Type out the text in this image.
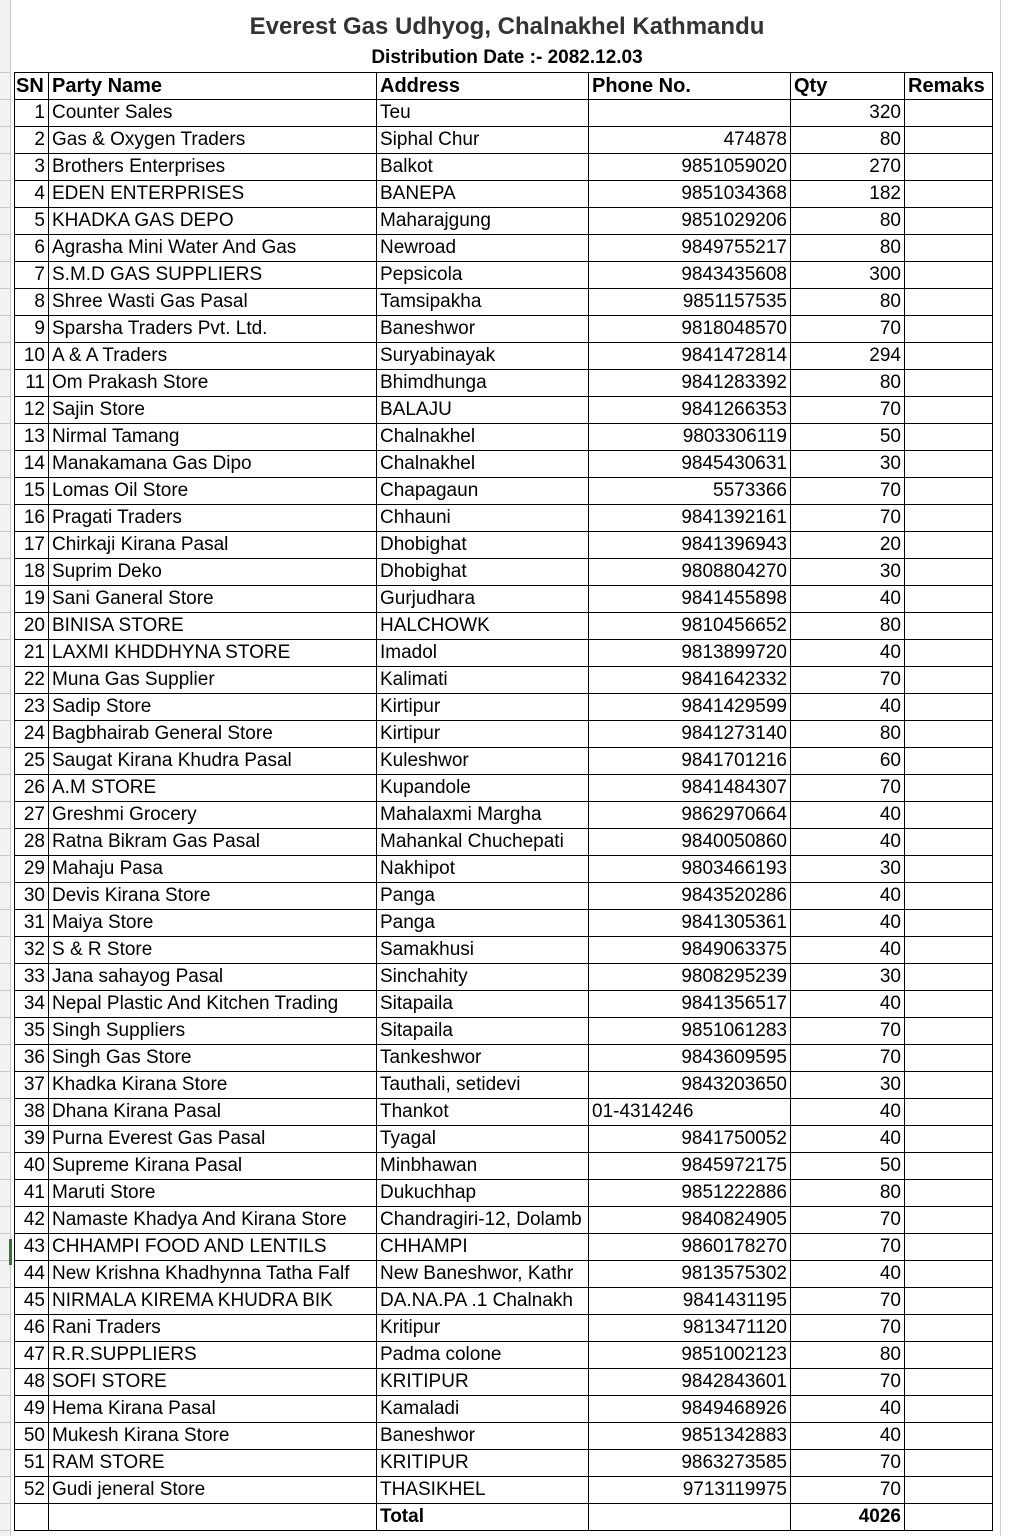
Everest Gas Udhyog, Chalnakhel Kathmandu
Distribution Date :- 2082.12.03
SN	Party Name	Address	Phone No.	Qty	Remaks
1	Counter Sales	Teu		320	
2	Gas & Oxygen Traders	Siphal Chur	474878	80	
3	Brothers Enterprises	Balkot	9851059020	270	
4	EDEN ENTERPRISES	BANEPA	9851034368	182	
5	KHADKA GAS DEPO	Maharajgung	9851029206	80	
6	Agrasha Mini Water And Gas	Newroad	9849755217	80	
7	S.M.D GAS SUPPLIERS	Pepsicola	9843435608	300	
8	Shree Wasti Gas Pasal	Tamsipakha	9851157535	80	
9	Sparsha Traders Pvt. Ltd.	Baneshwor	9818048570	70	
10	A & A Traders	Suryabinayak	9841472814	294	
11	Om Prakash Store	Bhimdhunga	9841283392	80	
12	Sajin Store	BALAJU	9841266353	70	
13	Nirmal Tamang	Chalnakhel	9803306119	50	
14	Manakamana Gas Dipo	Chalnakhel	9845430631	30	
15	Lomas Oil Store	Chapagaun	5573366	70	
16	Pragati Traders	Chhauni	9841392161	70	
17	Chirkaji Kirana Pasal	Dhobighat	9841396943	20	
18	Suprim Deko	Dhobighat	9808804270	30	
19	Sani Ganeral Store	Gurjudhara	9841455898	40	
20	BINISA STORE	HALCHOWK	9810456652	80	
21	LAXMI KHDDHYNA STORE	Imadol	9813899720	40	
22	Muna Gas Supplier	Kalimati	9841642332	70	
23	Sadip Store	Kirtipur	9841429599	40	
24	Bagbhairab General Store	Kirtipur	9841273140	80	
25	Saugat Kirana Khudra Pasal	Kuleshwor	9841701216	60	
26	A.M STORE	Kupandole	9841484307	70	
27	Greshmi Grocery	Mahalaxmi Margha	9862970664	40	
28	Ratna Bikram Gas Pasal	Mahankal Chuchepati	9840050860	40	
29	Mahaju Pasa	Nakhipot	9803466193	30	
30	Devis Kirana Store	Panga	9843520286	40	
31	Maiya Store	Panga	9841305361	40	
32	S & R Store	Samakhusi	9849063375	40	
33	Jana sahayog Pasal	Sinchahity	9808295239	30	
34	Nepal Plastic And Kitchen Trading	Sitapaila	9841356517	40	
35	Singh Suppliers	Sitapaila	9851061283	70	
36	Singh Gas Store	Tankeshwor	9843609595	70	
37	Khadka Kirana Store	Tauthali, setidevi	9843203650	30	
38	Dhana Kirana Pasal	Thankot	01-4314246	40	
39	Purna Everest Gas Pasal	Tyagal	9841750052	40	
40	Supreme Kirana Pasal	Minbhawan	9845972175	50	
41	Maruti Store	Dukuchhap	9851222886	80	
42	Namaste Khadya And Kirana Store	Chandragiri-12, Dolamb	9840824905	70	
43	CHHAMPI FOOD AND LENTILS	CHHAMPI	9860178270	70	
44	New Krishna Khadhynna Tatha Falf	New Baneshwor, Kathr	9813575302	40	
45	NIRMALA KIREMA KHUDRA BIK	DA.NA.PA .1 Chalnakh	9841431195	70	
46	Rani Traders	Kritipur	9813471120	70	
47	R.R.SUPPLIERS	Padma colone	9851002123	80	
48	SOFI STORE	KRITIPUR	9842843601	70	
49	Hema Kirana Pasal	Kamaladi	9849468926	40	
50	Mukesh Kirana Store	Baneshwor	9851342883	40	
51	RAM STORE	KRITIPUR	9863273585	70	
52	Gudi jeneral Store	THASIKHEL	9713119975	70	
		Total		4026	
